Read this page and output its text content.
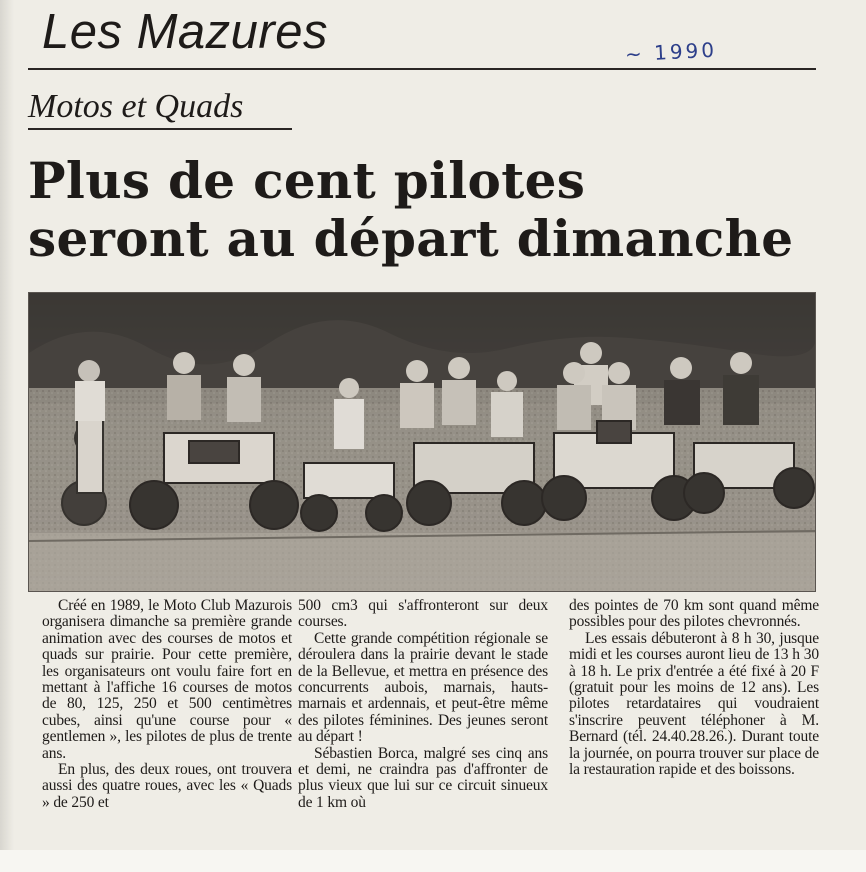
Les Mazures	~ 1990
Motos et Quads
Plus de cent pilotes
seront au départ dimanche

Créé en 1989, le Moto Club Mazurois organisera dimanche sa première grande animation avec des courses de motos et quads sur prairie. Pour cette première, les organisateurs ont voulu faire fort en mettant à l'affiche 16 courses de motos de 80, 125, 250 et 500 centimètres cubes, ainsi qu'une course pour « gentlemen », les pilotes de plus de trente ans.

En plus, des deux roues, ont trouvera aussi des quatre roues, avec les « Quads » de 250 et

500 cm3 qui s'affronteront sur deux courses.

Cette grande compétition régionale se déroulera dans la prairie devant le stade de la Bellevue, et mettra en présence des concurrents aubois, marnais, hauts-marnais et ardennais, et peut-être même des pilotes féminines. Des jeunes seront au départ !

Sébastien Borca, malgré ses cinq ans et demi, ne craindra pas d'affronter de plus vieux que lui sur ce circuit sinueux de 1 km où

des pointes de 70 km sont quand même possibles pour des pilotes chevronnés.

Les essais débuteront à 8 h 30, jusque midi et les courses auront lieu de 13 h 30 à 18 h. Le prix d'entrée a été fixé à 20 F (gratuit pour les moins de 12 ans). Les pilotes retardataires qui voudraient s'inscrire peuvent téléphoner à M. Bernard (tél. 24.40.28.26.). Durant toute la journée, on pourra trouver sur place de la restauration rapide et des boissons.
